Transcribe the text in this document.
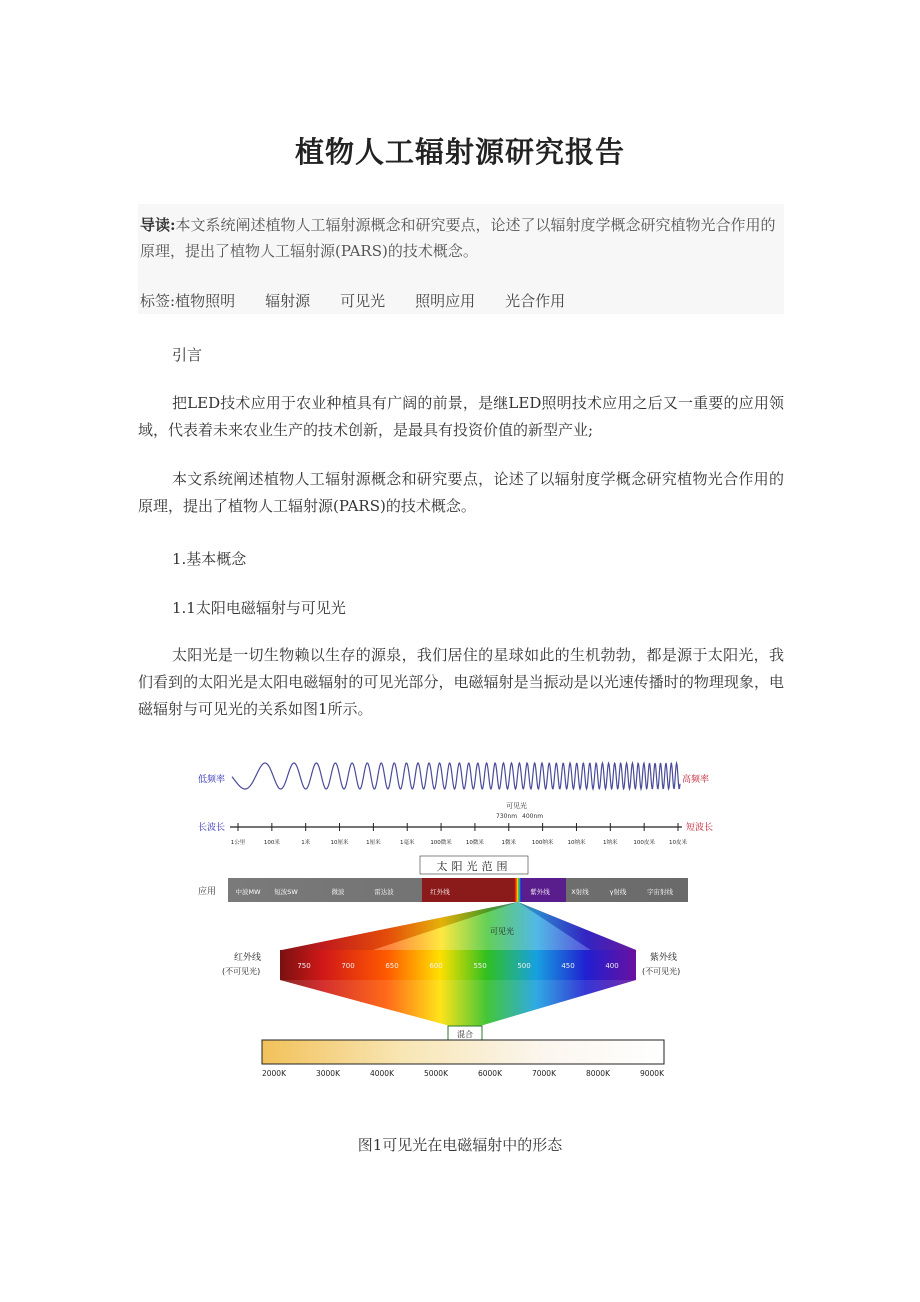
植物人工辐射源研究报告
导读:本文系统阐述植物人工辐射源概念和研究要点，论述了以辐射度学概念研究植物光合作用的原理，提出了植物人工辐射源(PARS)的技术概念。
标签:植物照明 辐射源 可见光 照明应用 光合作用
引言
把LED技术应用于农业种植具有广阔的前景，是继LED照明技术应用之后又一重要的应用领域，代表着未来农业生产的技术创新，是最具有投资价值的新型产业;
本文系统阐述植物人工辐射源概念和研究要点，论述了以辐射度学概念研究植物光合作用的原理，提出了植物人工辐射源(PARS)的技术概念。
1.基本概念
1.1太阳电磁辐射与可见光
太阳光是一切生物赖以生存的源泉，我们居住的星球如此的生机勃勃，都是源于太阳光，我们看到的太阳光是太阳电磁辐射的可见光部分，电磁辐射是当振动是以光速传播时的物理现象，电磁辐射与可见光的关系如图1所示。
低频率	高频率
可见光
730nm 400nm
长波长	短波长
1公里	100米	1米	10厘米	1厘米	1毫米	100微米	10微米	1微米	100纳米	10纳米	1纳米	100皮米	10皮米
太阳光范围
应用	中波MW 短波SW	微波	雷达波	红外线	紫外线	X射线	γ射线	宇宙射线
可见光
红外线
(不可见光)
750	700	650	600	550	500	450	400
紫外线
(不可见光)
混合
2000K	3000K	4000K	5000K	6000K	7000K	8000K	9000K
图1可见光在电磁辐射中的形态
